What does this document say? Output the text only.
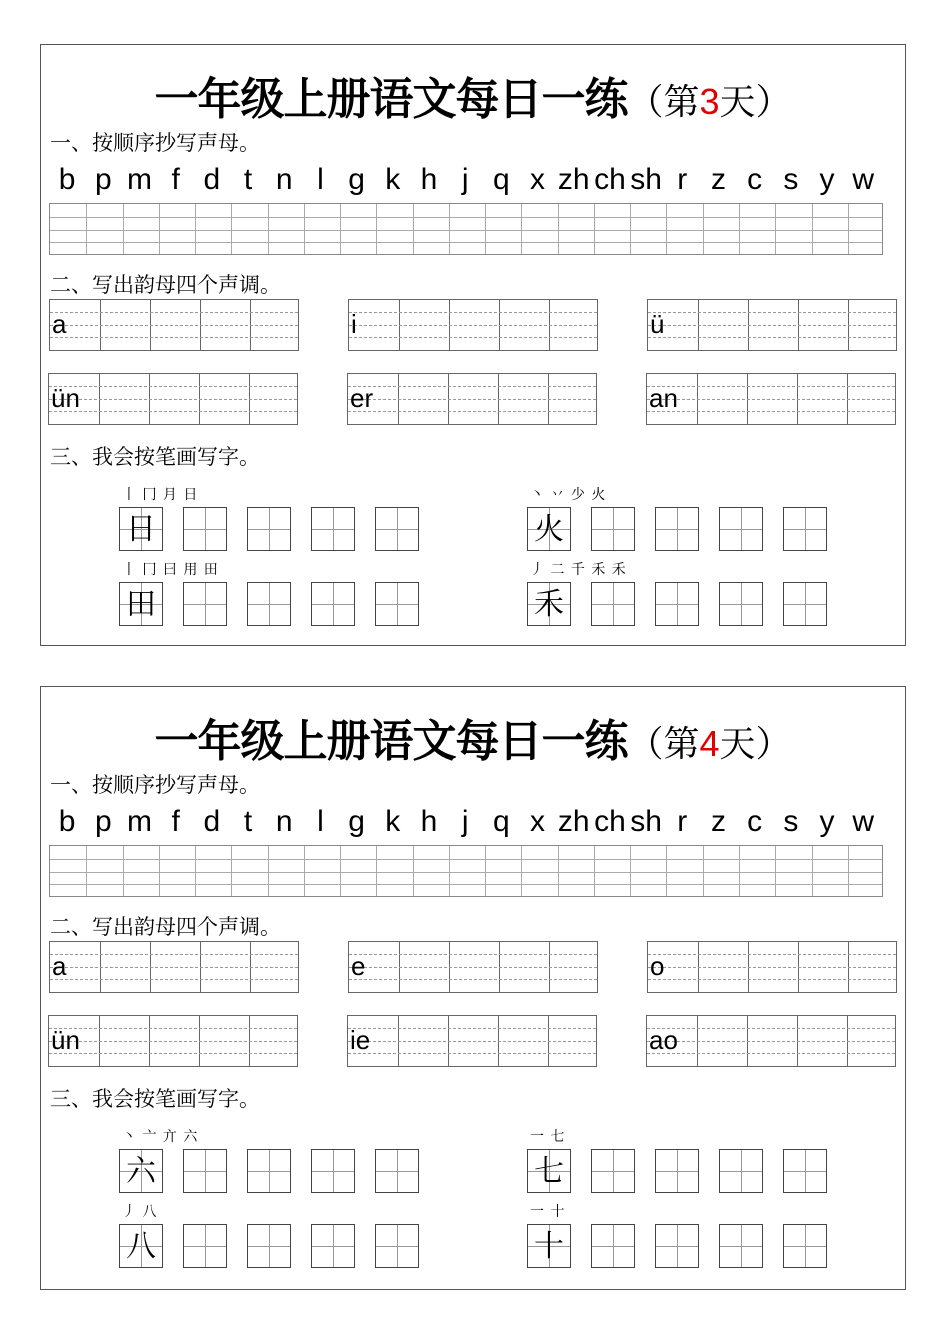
一年级上册语文每日一练（第3天）
一、按顺序抄写声母。
b p m f d t n l g k h j q x zh ch sh r z c s y w
二、写出韵母四个声调。
a	i	ü
ün	er	an
三、我会按笔画写字。
丨 冂 月 日
日
丶 丷 少 火
火
丨 冂 曰 用 田
田
丿 二 千 禾 禾
禾
一年级上册语文每日一练（第4天）
一、按顺序抄写声母。
b p m f d t n l g k h j q x zh ch sh r z c s y w
二、写出韵母四个声调。
a	e	o
ün	ie	ao
三、我会按笔画写字。
丶 亠 亣 六
六
一 七
七
丿 八
八
一 十
十
